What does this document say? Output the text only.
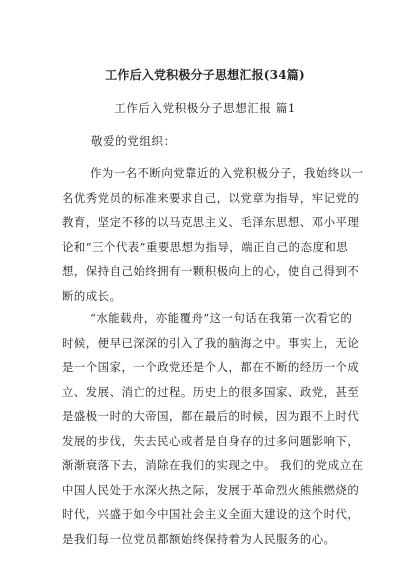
工作后入党积极分子思想汇报(34篇)
工作后入党积极分子思想汇报 篇1
敬爱的党组织：
作为一名不断向党靠近的入党积极分子，我始终以一
名优秀党员的标准来要求自己，以党章为指导，牢记党的
教育，坚定不移的以马克思主义、毛泽东思想、邓小平理
论和“三个代表”重要思想为指导，端正自己的态度和思
想，保持自己始终拥有一颗积极向上的心，使自己得到不
断的成长。
“水能载舟，亦能覆舟”这一句话在我第一次看它的
时候，便早已深深的引入了我的脑海之中。事实上，无论
是一个国家，一个政党还是个人，都在不断的经历一个成
立、发展、消亡的过程。历史上的很多国家、政党，甚至
是盛极一时的大帝国，都在最后的时候，因为跟不上时代
发展的步伐，失去民心或者是自身存的过多问题影响下，
渐渐衰落下去，消除在我们的实现之中。 我们的党成立在
中国人民处于水深火热之际，发展于革命烈火熊熊燃烧的
时代，兴盛于如今中国社会主义全面大建设的这个时代，
是我们每一位党员都额始终保持着为人民服务的心。
